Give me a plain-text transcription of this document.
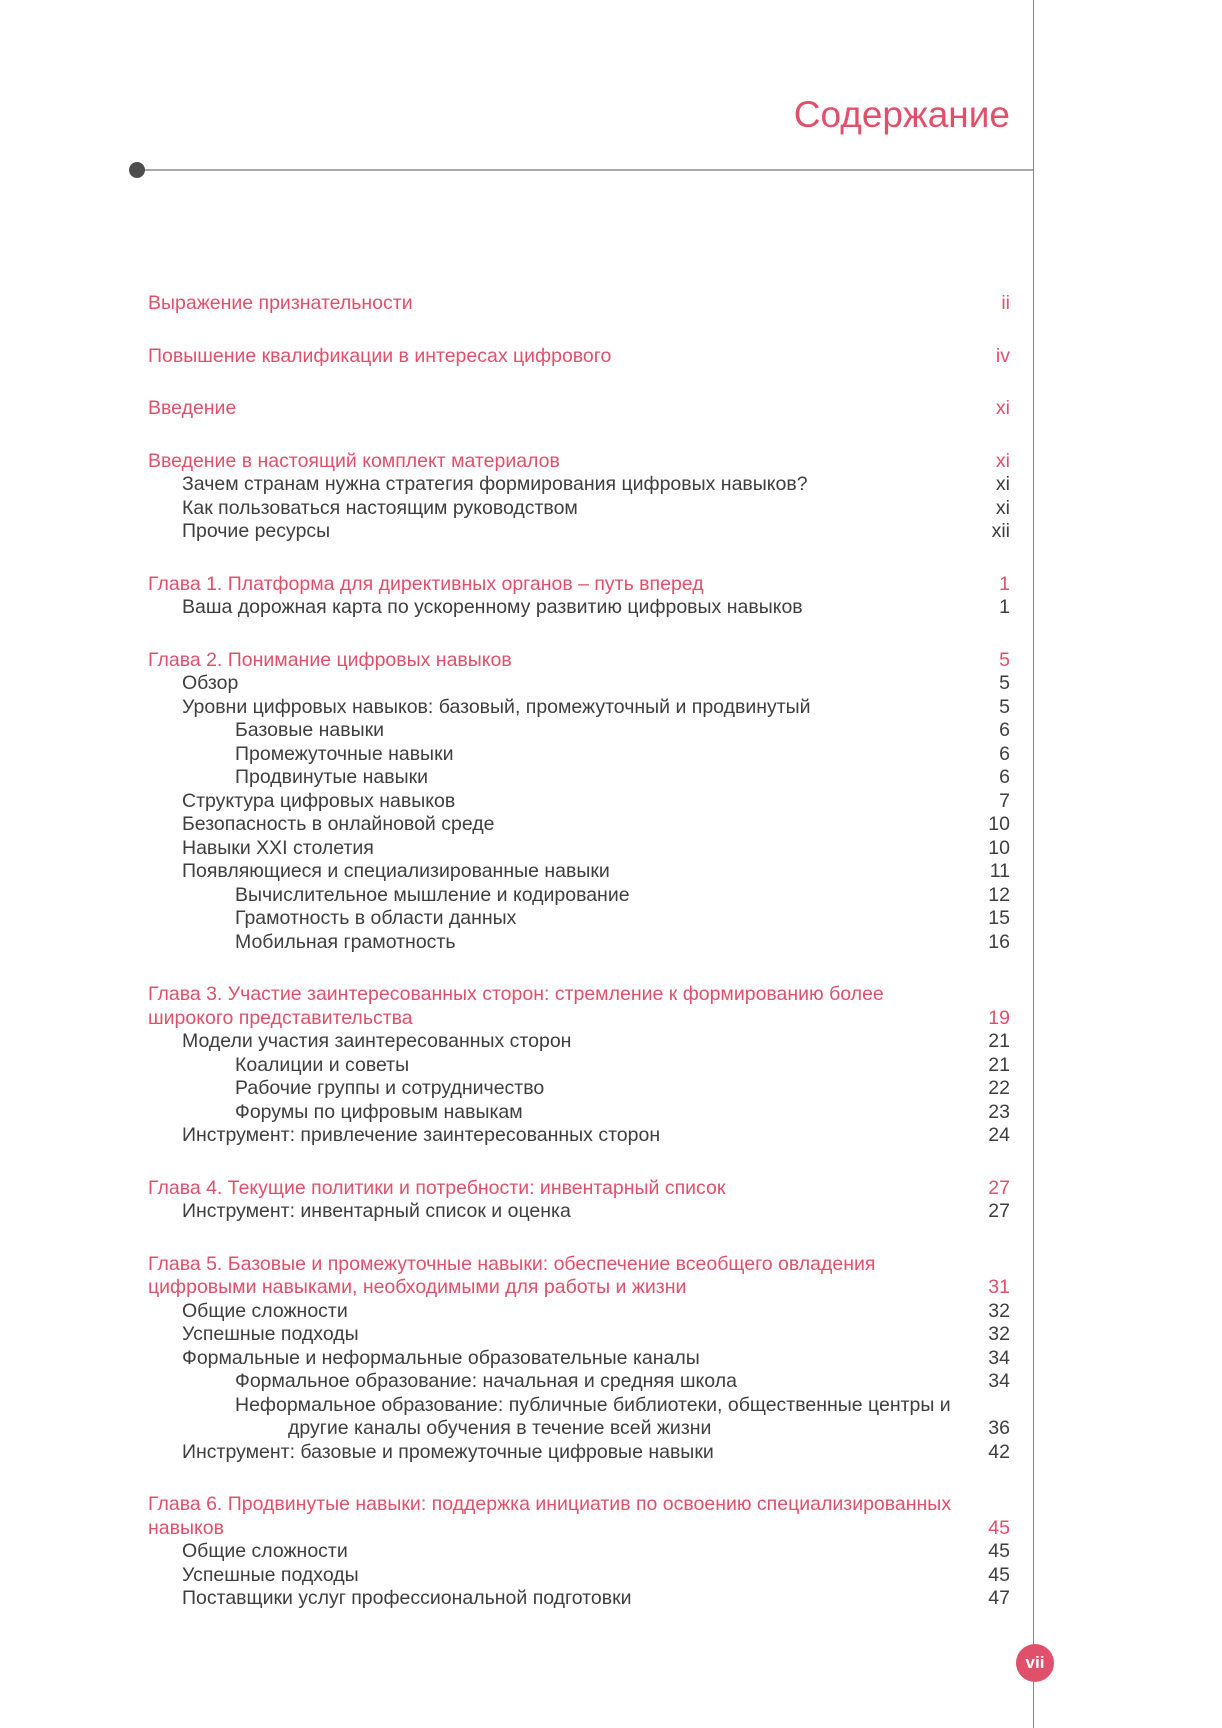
Содержание
Выражение признательности	ii
Повышение квалификации в интересах цифрового	iv
Введение	xi
Введение в настоящий комплект материалов	xi
Зачем странам нужна стратегия формирования цифровых навыков?	xi
Как пользоваться настоящим руководством	xi
Прочие ресурсы	xii
Глава 1. Платформа для директивных органов – путь вперед	1
Ваша дорожная карта по ускоренному развитию цифровых навыков	1
Глава 2. Понимание цифровых навыков	5
Обзор	5
Уровни цифровых навыков: базовый, промежуточный и продвинутый	5
Базовые навыки	6
Промежуточные навыки	6
Продвинутые навыки	6
Структура цифровых навыков	7
Безопасность в онлайновой среде	10
Навыки XXI столетия	10
Появляющиеся и специализированные навыки	11
Вычислительное мышление и кодирование	12
Грамотность в области данных	15
Мобильная грамотность	16
Глава 3. Участие заинтересованных сторон: стремление к формированию более широкого представительства	19
Модели участия заинтересованных сторон	21
Коалиции и советы	21
Рабочие группы и сотрудничество	22
Форумы по цифровым навыкам	23
Инструмент: привлечение заинтересованных сторон	24
Глава 4. Текущие политики и потребности: инвентарный список	27
Инструмент: инвентарный список и оценка	27
Глава 5. Базовые и промежуточные навыки: обеспечение всеобщего овладения цифровыми навыками, необходимыми для работы и жизни	31
Общие сложности	32
Успешные подходы	32
Формальные и неформальные образовательные каналы	34
Формальное образование: начальная и средняя школа	34
Неформальное образование: публичные библиотеки, общественные центры и другие каналы обучения в течение всей жизни	36
Инструмент: базовые и промежуточные цифровые навыки	42
Глава 6. Продвинутые навыки: поддержка инициатив по освоению специализированных навыков	45
Общие сложности	45
Успешные подходы	45
Поставщики услуг профессиональной подготовки	47
vii
